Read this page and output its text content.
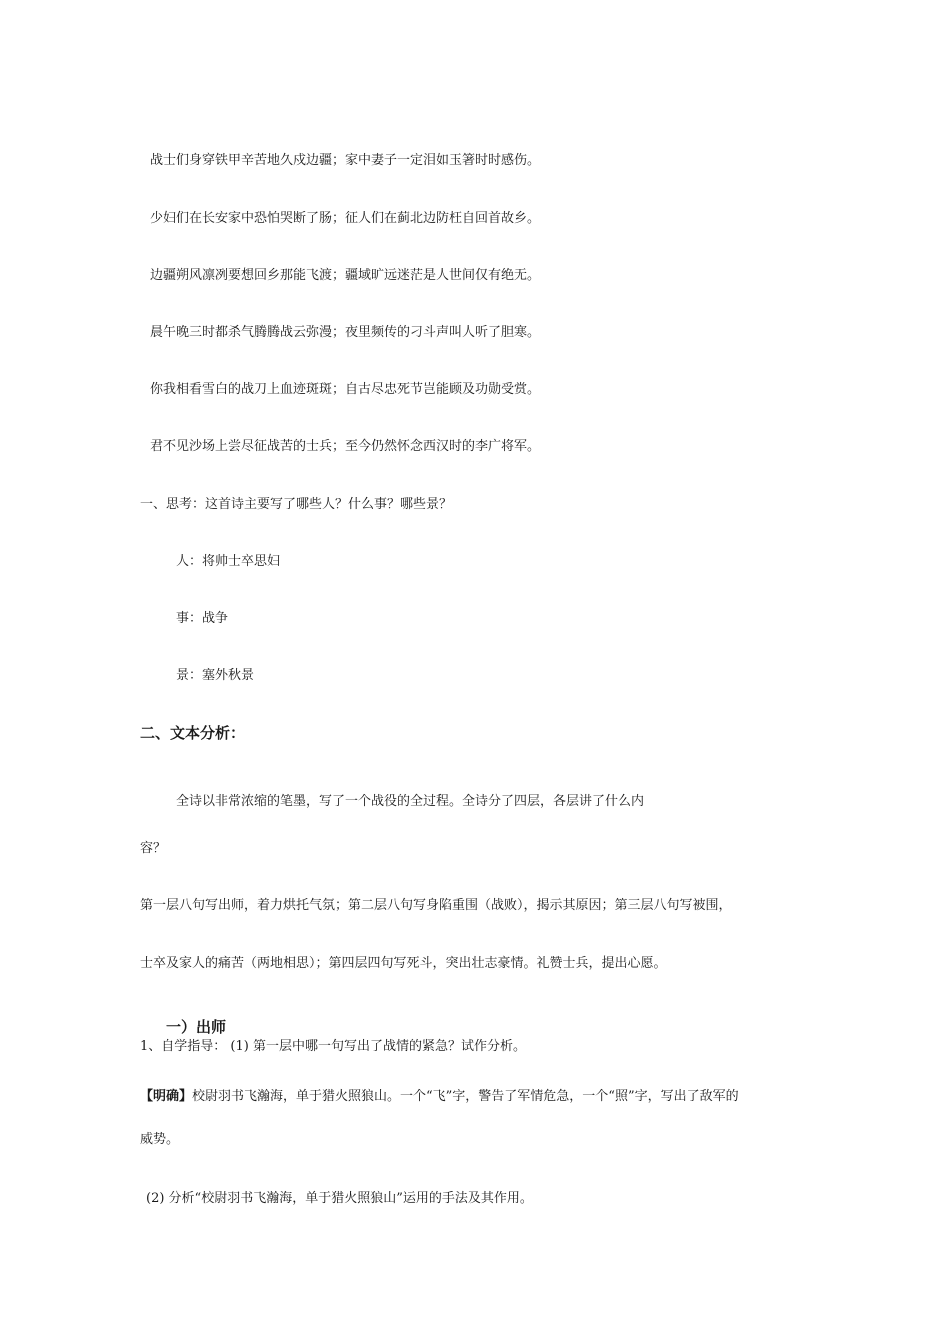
战士们身穿铁甲辛苦地久戍边疆；家中妻子一定泪如玉箸时时感伤。
少妇们在长安家中恐怕哭断了肠；征人们在蓟北边防枉自回首故乡。
边疆朔风凛冽要想回乡那能飞渡；疆域旷远迷茫是人世间仅有绝无。
晨午晚三时都杀气腾腾战云弥漫；夜里频传的刁斗声叫人听了胆寒。
你我相看雪白的战刀上血迹斑斑；自古尽忠死节岂能顾及功勋受赏。
君不见沙场上尝尽征战苦的士兵；至今仍然怀念西汉时的李广将军。
一、思考：这首诗主要写了哪些人？什么事？哪些景？
人：将帅士卒思妇
事：战争
景：塞外秋景
二、文本分析：
全诗以非常浓缩的笔墨，写了一个战役的全过程。全诗分了四层，各层讲了什么内
容？
第一层八句写出师，着力烘托气氛；第二层八句写身陷重围（战败），揭示其原因；第三层八句写被围，
士卒及家人的痛苦（两地相思）；第四层四句写死斗，突出壮志豪情。礼赞士兵，提出心愿。
一）出师
1、自学指导： (1) 第一层中哪一句写出了战情的紧急？试作分析。
【明确】校尉羽书飞瀚海，单于猎火照狼山。一个“飞”字，警告了军情危急，一个“照”字，写出了敌军的
威势。
(2) 分析“校尉羽书飞瀚海，单于猎火照狼山”运用的手法及其作用。
